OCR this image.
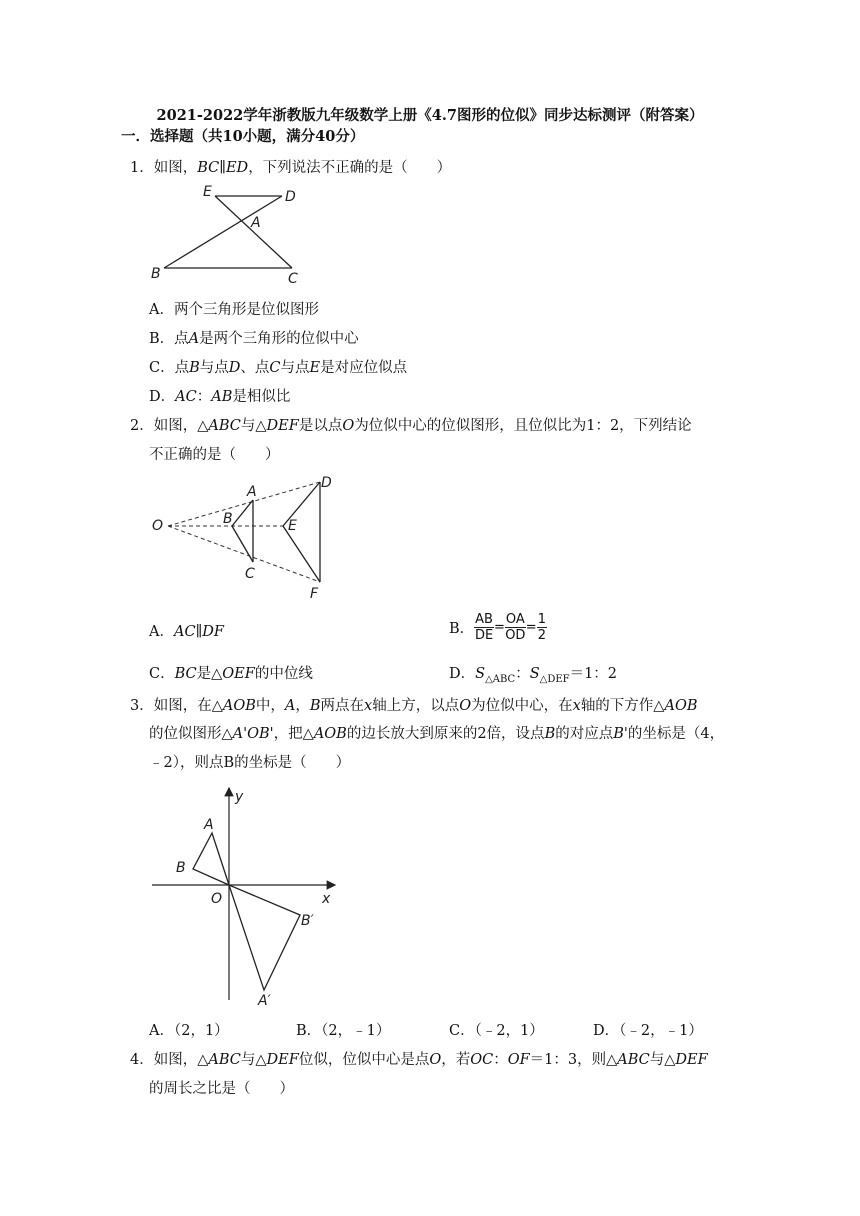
2021-2022学年浙教版九年级数学上册《4.7图形的位似》同步达标测评（附答案）
一．选择题（共10小题，满分40分）
1．如图，BC∥ED，下列说法不正确的是（　　）
E	D
A
B	C
A．两个三角形是位似图形
B．点A是两个三角形的位似中心
C．点B与点D、点C与点E是对应位似点
D．AC：AB是相似比
2．如图，△ABC与△DEF是以点O为位似中心的位似图形，且位似比为1：2，下列结论
不正确的是（　　）
O
A
B
C
D
E
F
A．AC∥DF	B． $\frac{AB}{DE} = \frac{OA}{OD} = \frac{1}{2}$
C．BC是△OEF的中位线	D．$S_{\triangle ABC}$：$S_{\triangle DEF}=1$：2
3．如图，在△AOB中，A，B两点在x轴上方，以点O为位似中心，在x轴的下方作△AOB
的位似图形△A'OB'，把△AOB的边长放大到原来的2倍，设点B的对应点B'的坐标是（4，
﹣2），则点B的坐标是（　　）
y
A
B
O	x
B′
A′
A．（2，1）	B．（2，﹣1）	C．（﹣2，1）	D．（﹣2，﹣1）
4．如图，△ABC与△DEF位似，位似中心是点O，若OC：OF＝1：3，则△ABC与△DEF
的周长之比是（　　）
